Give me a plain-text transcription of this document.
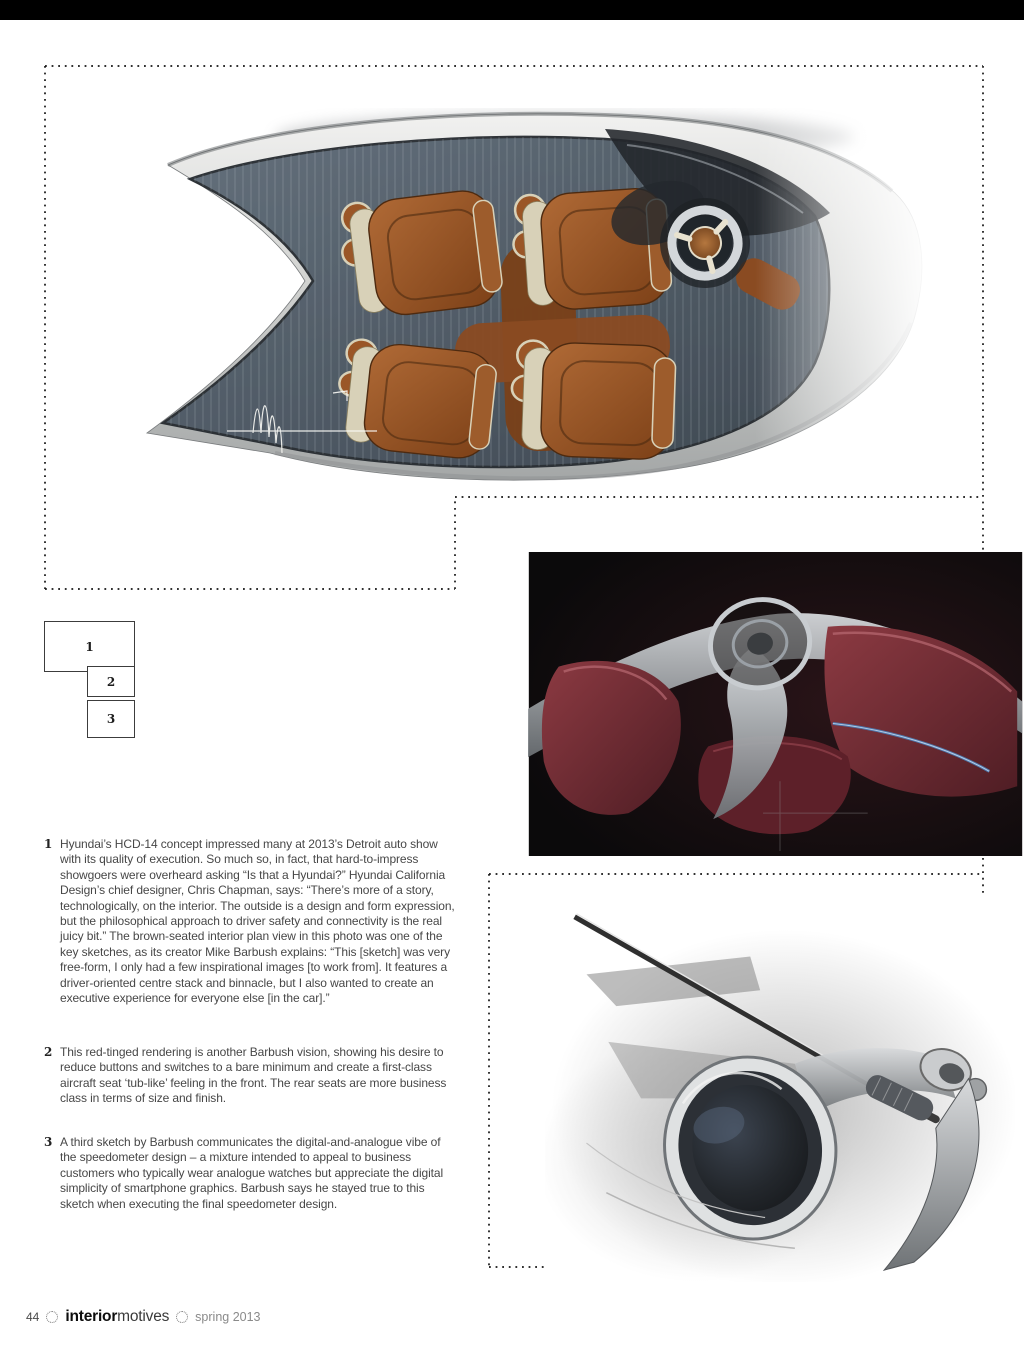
1
2
3
1 Hyundai’s HCD-14 concept impressed many at 2013’s Detroit auto show with its quality of execution. So much so, in fact, that hard-to-impress showgoers were overheard asking “Is that a Hyundai?” Hyundai California Design’s chief designer, Chris Chapman, says: “There’s more of a story, technologically, on the interior. The outside is a design and form expression, but the philosophical approach to driver safety and connectivity is the real juicy bit.” The brown-seated interior plan view in this photo was one of the key sketches, as its creator Mike Barbush explains: “This [sketch] was very free-form, I only had a few inspirational images [to work from]. It features a driver-oriented centre stack and binnacle, but I also wanted to create an executive experience for everyone else [in the car].”

2 This red-tinged rendering is another Barbush vision, showing his desire to reduce buttons and switches to a bare minimum and create a first-class aircraft seat ‘tub-like’ feeling in the front. The rear seats are more business class in terms of size and finish.

3 A third sketch by Barbush communicates the digital-and-analogue vibe of the speedometer design – a mixture intended to appeal to business customers who typically wear analogue watches but appreciate the digital simplicity of smartphone graphics. Barbush says he stayed true to this sketch when executing the final speedometer design.

44 interiormotives spring 2013
